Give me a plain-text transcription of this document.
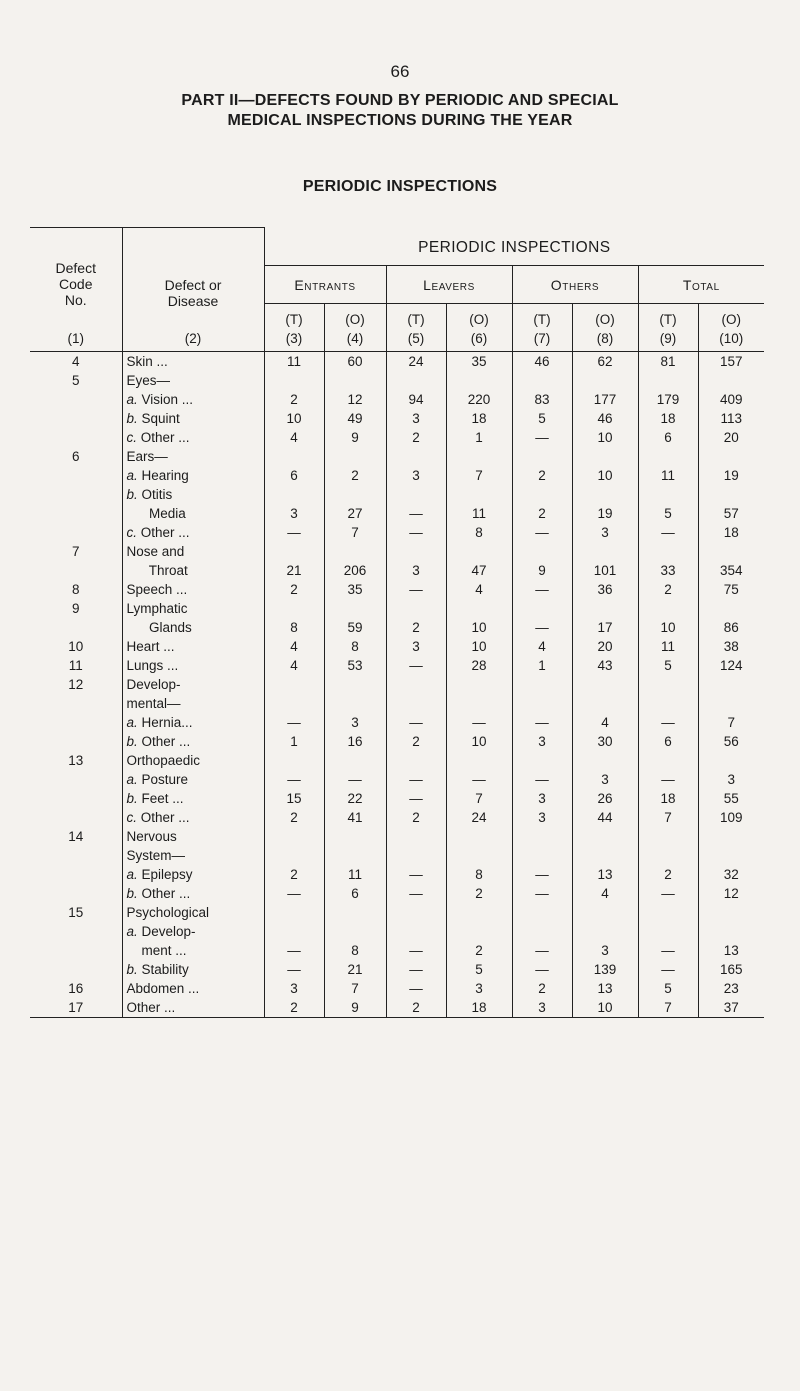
66
PART II—DEFECTS FOUND BY PERIODIC AND SPECIAL
MEDICAL INSPECTIONS DURING THE YEAR
PERIODIC INSPECTIONS
Defect
Code
No.	Defect or
Disease	PERIODIC INSPECTIONS							
		Entrants		Leavers		Others		Total	
		(T)	(O)	(T)	(O)	(T)	(O)	(T)	(O)
(1)	(2)	(3)	(4)	(5)	(6)	(7)	(8)	(9)	(10)
4	Skin ...	11	60	24	35	46	62	81	157
5	Eyes—								
	a. Vision ...	2	12	94	220	83	177	179	409
	b. Squint	10	49	3	18	5	46	18	113
	c. Other ...	4	9	2	1	—	10	6	20
6	Ears—								
	a. Hearing	6	2	3	7	2	10	11	19
	b. Otitis								
	Media	3	27	—	11	2	19	5	57
	c. Other ...	—	7	—	8	—	3	—	18
7	Nose and								
	Throat	21	206	3	47	9	101	33	354
8	Speech ...	2	35	—	4	—	36	2	75
9	Lymphatic								
	Glands	8	59	2	10	—	17	10	86
10	Heart ...	4	8	3	10	4	20	11	38
11	Lungs ...	4	53	—	28	1	43	5	124
12	Develop-								
	mental—								
	a. Hernia...	—	3	—	—	—	4	—	7
	b. Other ...	1	16	2	10	3	30	6	56
13	Orthopaedic								
	a. Posture	—	—	—	—	—	3	—	3
	b. Feet ...	15	22	—	7	3	26	18	55
	c. Other ...	2	41	2	24	3	44	7	109
14	Nervous								
	System—								
	a. Epilepsy	2	11	—	8	—	13	2	32
	b. Other ...	—	6	—	2	—	4	—	12
15	Psychological								
	a. Develop-								
	ment ...	—	8	—	2	—	3	—	13
	b. Stability	—	21	—	5	—	139	—	165
16	Abdomen ...	3	7	—	3	2	13	5	23
17	Other ...	2	9	2	18	3	10	7	37
